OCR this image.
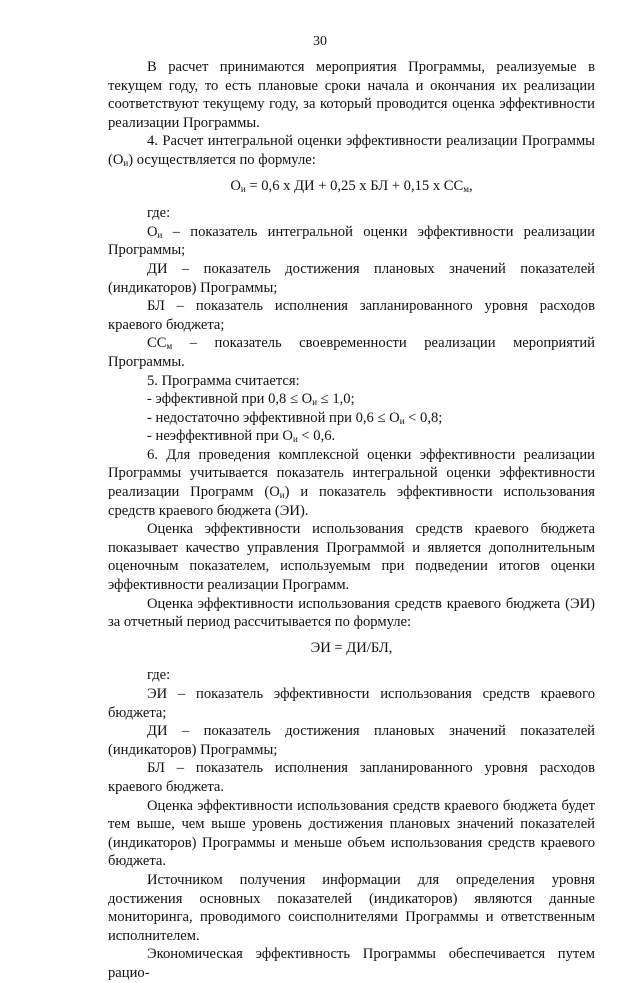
30

В расчет принимаются мероприятия Программы, реализуемые в текущем году, то есть плановые сроки начала и окончания их реализации соответствуют текущему году, за который проводится оценка эффективности реализации Программы.

4. Расчет интегральной оценки эффективности реализации Программы $(О_и)$ осуществляется по формуле:

$О_и = 0,6$ х ДИ + 0,25 х БЛ + 0,15 х $СС_м$,

где:

$О_и$ – показатель интегральной оценки эффективности реализации Программы;

ДИ – показатель достижения плановых значений показателей (индикаторов) Программы;

БЛ – показатель исполнения запланированного уровня расходов краевого бюджета;

$СС_м$ – показатель своевременности реализации мероприятий Программы.

5. Программа считается:

- эффективной при $0,8 \le О_и \le 1,0$;

- недостаточно эффективной при $0,6 \le О_и < 0,8$;

- неэффективной при $О_и < 0,6$.

6. Для проведения комплексной оценки эффективности реализации Программы учитывается показатель интегральной оценки эффективности реализации Программ $(О_и)$ и показатель эффективности использования средств краевого бюджета (ЭИ).

Оценка эффективности использования средств краевого бюджета показывает качество управления Программой и является дополнительным оценочным показателем, используемым при подведении итогов оценки эффективности реализации Программ.

Оценка эффективности использования средств краевого бюджета (ЭИ) за отчетный период рассчитывается по формуле:

ЭИ = ДИ/БЛ,

где:

ЭИ – показатель эффективности использования средств краевого бюджета;

ДИ – показатель достижения плановых значений показателей (индикаторов) Программы;

БЛ – показатель исполнения запланированного уровня расходов краевого бюджета.

Оценка эффективности использования средств краевого бюджета будет тем выше, чем выше уровень достижения плановых значений показателей (индикаторов) Программы и меньше объем использования средств краевого бюджета.

Источником получения информации для определения уровня достижения основных показателей (индикаторов) являются данные мониторинга, проводимого соисполнителями Программы и ответственным исполнителем.

Экономическая эффективность Программы обеспечивается путем рацио-
